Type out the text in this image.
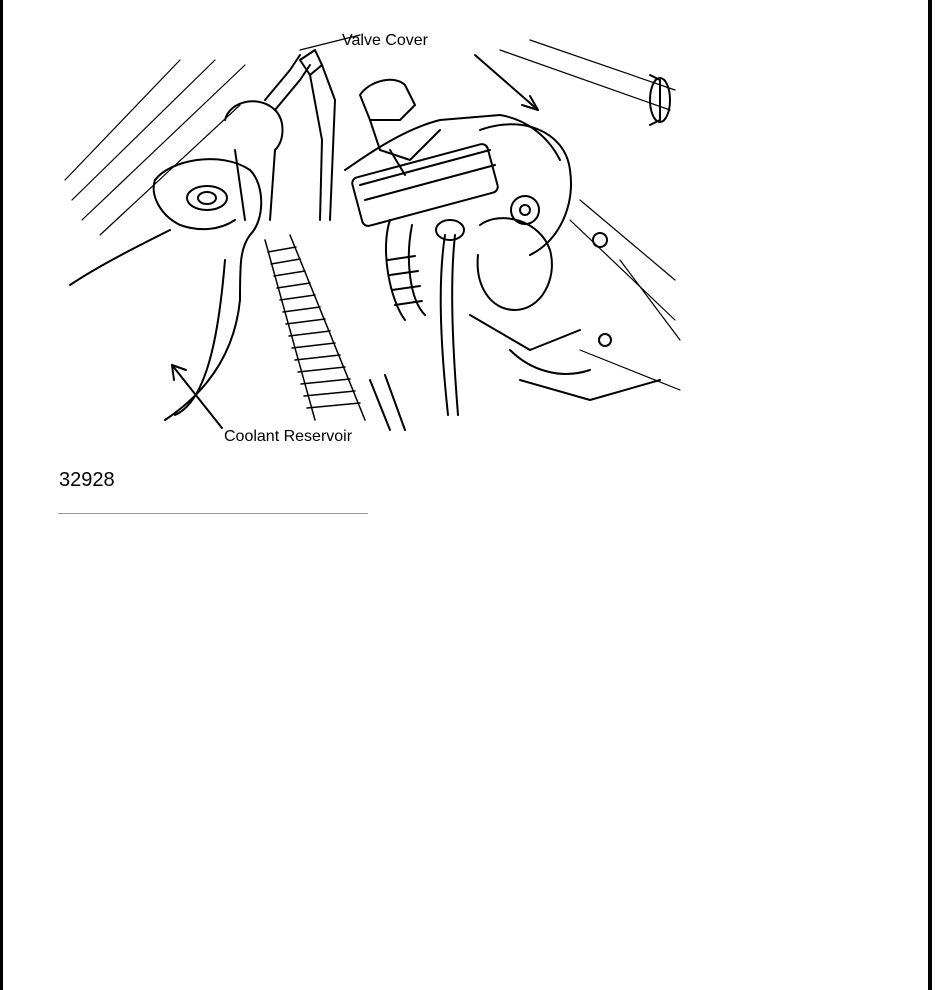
Valve Cover
Coolant Reservoir
32928
